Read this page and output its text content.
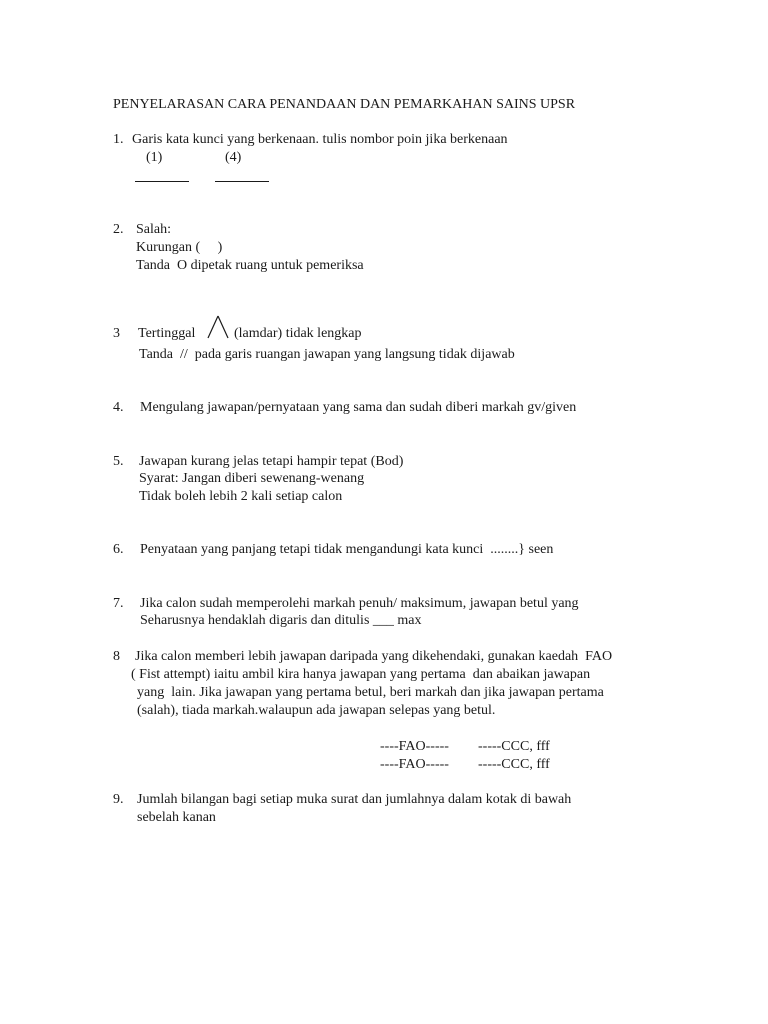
PENYELARASAN CARA PENANDAAN DAN PEMARKAHAN SAINS UPSR
1. Garis kata kunci yang berkenaan. tulis nombor poin jika berkenaan
(1)	(4)
2. Salah:
Kurungan (     )
Tanda  O dipetak ruang untuk pemeriksa
3 Tertinggal	(lamdar) tidak lengkap
Tanda  //  pada garis ruangan jawapan yang langsung tidak dijawab
4. Mengulang jawapan/pernyataan yang sama dan sudah diberi markah gv/given
5. Jawapan kurang jelas tetapi hampir tepat (Bod)
Syarat: Jangan diberi sewenang-wenang
Tidak boleh lebih 2 kali setiap calon
6. Penyataan yang panjang tetapi tidak mengandungi kata kunci  ........} seen
7. Jika calon sudah memperolehi markah penuh/ maksimum, jawapan betul yang
Seharusnya hendaklah digaris dan ditulis ___ max
8 Jika calon memberi lebih jawapan daripada yang dikehendaki, gunakan kaedah  FAO
( Fist attempt) iaitu ambil kira hanya jawapan yang pertama  dan abaikan jawapan
yang  lain. Jika jawapan yang pertama betul, beri markah dan jika jawapan pertama
(salah), tiada markah.walaupun ada jawapan selepas yang betul.
----FAO----- -----CCC, fff
----FAO----- -----CCC, fff
9. Jumlah bilangan bagi setiap muka surat dan jumlahnya dalam kotak di bawah
sebelah kanan
